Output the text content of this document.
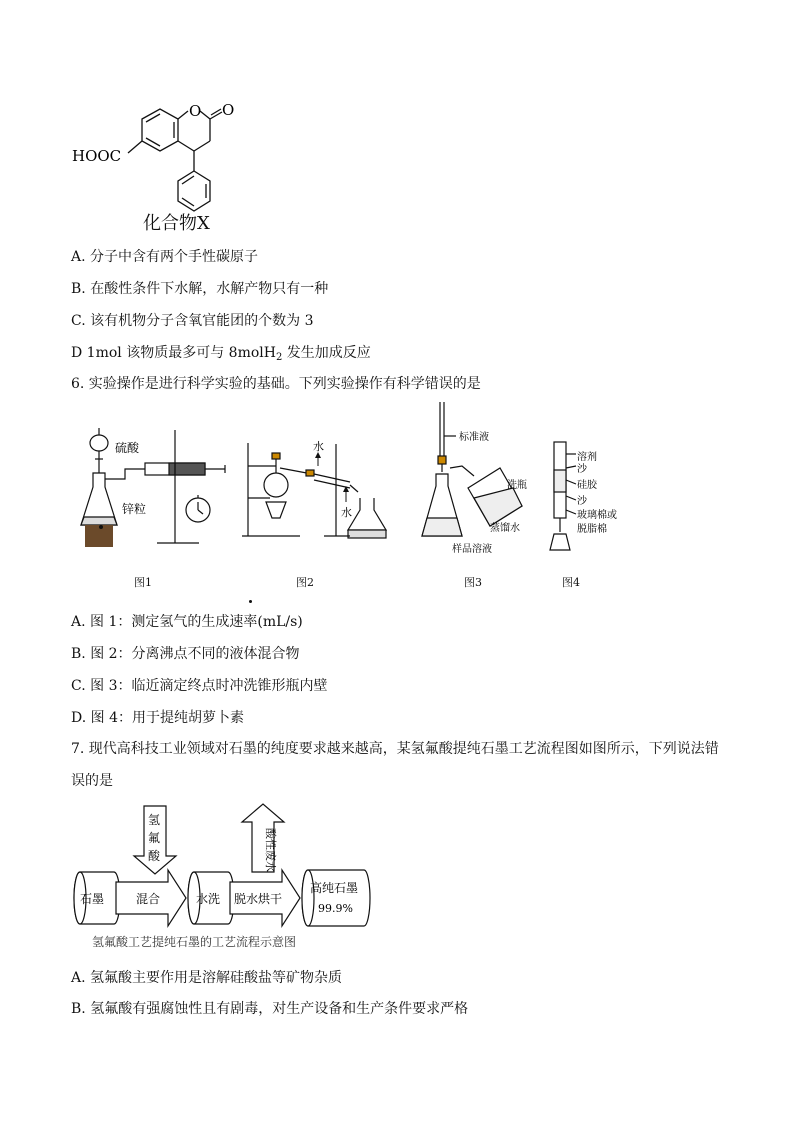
O O
HOOC
化合物X
A. 分子中含有两个手性碳原子
B. 在酸性条件下水解，水解产物只有一种
C. 该有机物分子含氧官能团的个数为 3
D 1mol 该物质最多可与 8molH$_2$ 发生加成反应
6. 实验操作是进行科学实验的基础。下列实验操作有科学错误的是
硫酸
锌粒
水
水
标准液
洗瓶
蒸馏水
样品溶液
溶剂
沙
硅胶
沙
玻璃棉或
脱脂棉
图1	图2	图3	图4
A. 图 1：测定氢气的生成速率(mL/s)
B. 图 2：分离沸点不同的液体混合物
C. 图 3：临近滴定终点时冲洗锥形瓶内壁
D. 图 4：用于提纯胡萝卜素
7. 现代高科技工业领域对石墨的纯度要求越来越高，某氢氟酸提纯石墨工艺流程图如图所示，下列说法错
误的是
氢
氟
酸	酸性废水
石墨	混合	水洗 脱水烘干
高纯石墨
99.9%
氢氟酸工艺提纯石墨的工艺流程示意图
A. 氢氟酸主要作用是溶解硅酸盐等矿物杂质
B. 氢氟酸有强腐蚀性且有剧毒，对生产设备和生产条件要求严格
